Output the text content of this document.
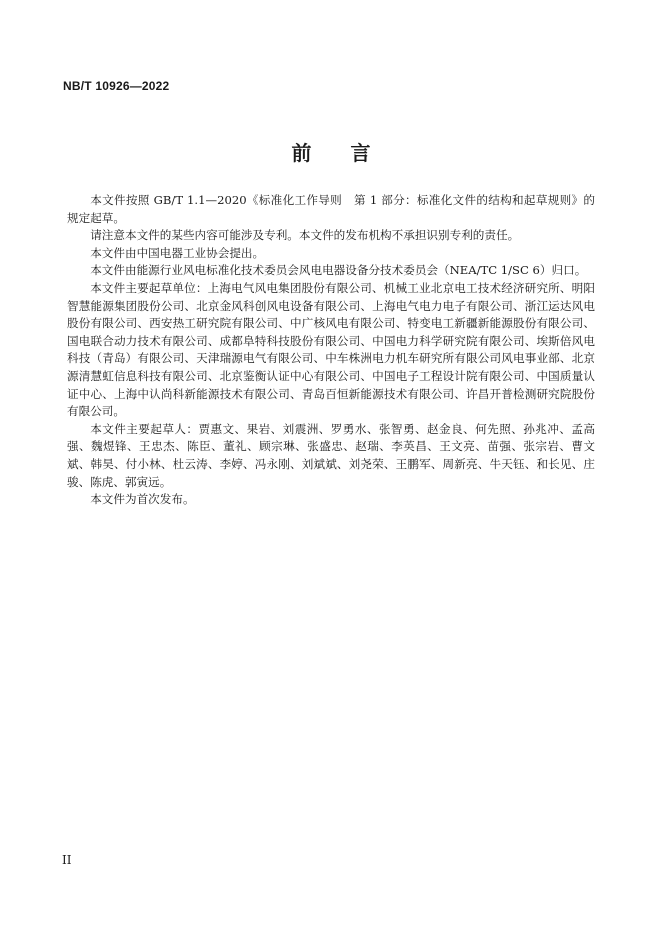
NB/T 10926—2022
前 言

本文件按照 GB/T 1.1—2020《标准化工作导则　第 1 部分：标准化文件的结构和起草规则》的规定起草。

请注意本文件的某些内容可能涉及专利。本文件的发布机构不承担识别专利的责任。

本文件由中国电器工业协会提出。

本文件由能源行业风电标准化技术委员会风电电器设备分技术委员会（NEA/TC 1/SC 6）归口。

本文件主要起草单位：上海电气风电集团股份有限公司、机械工业北京电工技术经济研究所、明阳智慧能源集团股份公司、北京金风科创风电设备有限公司、上海电气电力电子有限公司、浙江运达风电股份有限公司、西安热工研究院有限公司、中广核风电有限公司、特变电工新疆新能源股份有限公司、国电联合动力技术有限公司、成都阜特科技股份有限公司、中国电力科学研究院有限公司、埃斯倍风电科技（青岛）有限公司、天津瑞源电气有限公司、中车株洲电力机车研究所有限公司风电事业部、北京源清慧虹信息科技有限公司、北京鉴衡认证中心有限公司、中国电子工程设计院有限公司、中国质量认证中心、上海中认尚科新能源技术有限公司、青岛百恒新能源技术有限公司、许昌开普检测研究院股份有限公司。

本文件主要起草人：贾惠文、果岩、刘震洲、罗勇水、张智勇、赵金良、何先照、孙兆冲、孟高强、魏煜锋、王忠杰、陈臣、董礼、顾宗琳、张盛忠、赵瑞、李英昌、王文亮、苗强、张宗岩、曹文斌、韩昊、付小林、杜云涛、李婷、冯永刚、刘斌斌、刘尧荣、王鹏军、周新亮、牛天钰、和长见、庄骏、陈虎、郭寅远。

本文件为首次发布。

II
